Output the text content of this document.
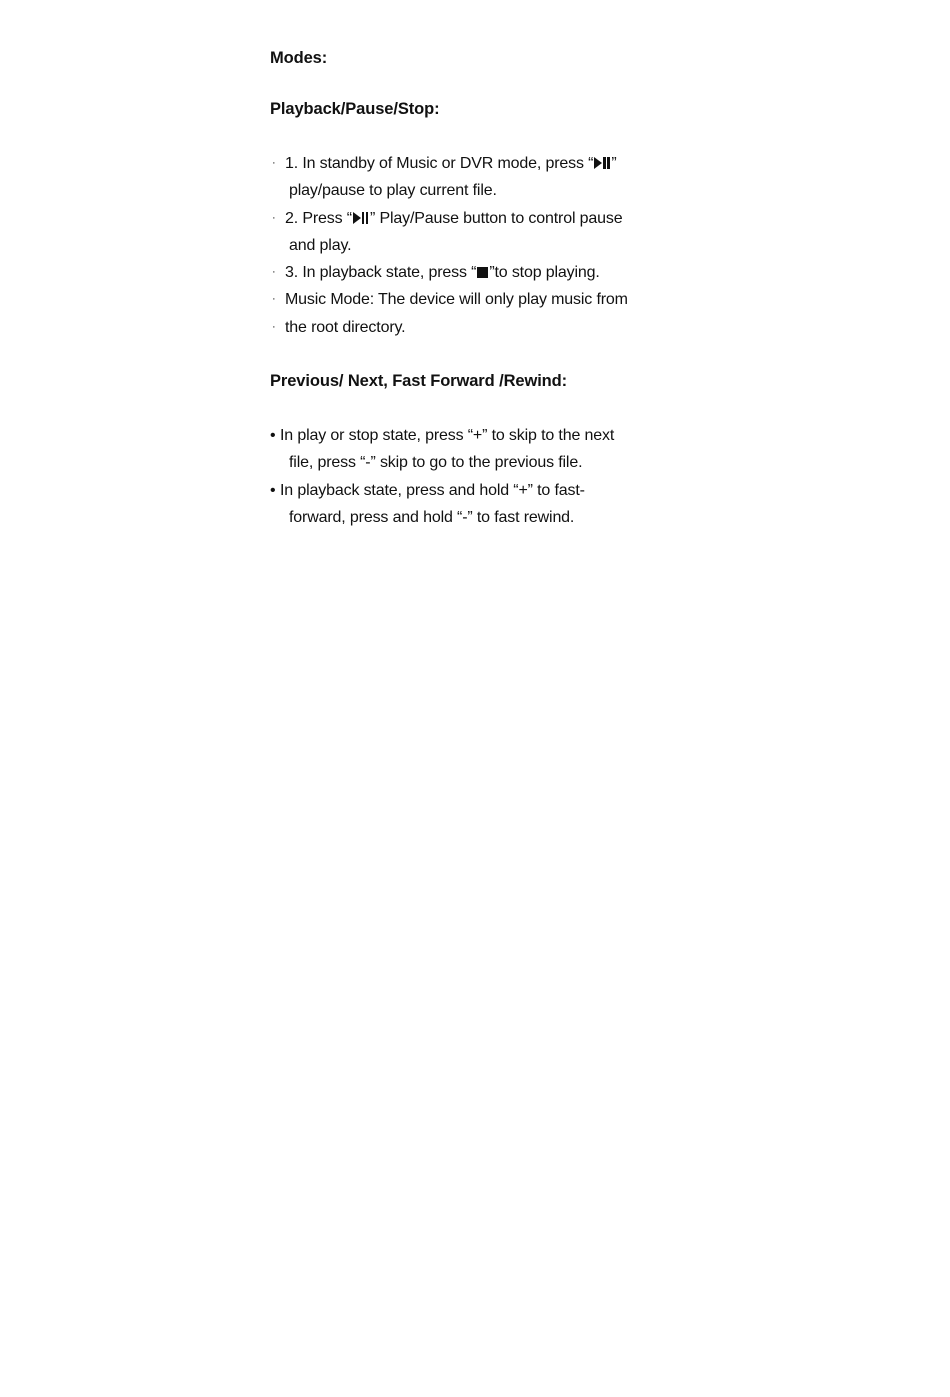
Modes:

Playback/Pause/Stop:

· 1. In standby of Music or DVR mode, press “ ”
play/pause to play current file.
· 2. Press “ ” Play/Pause button to control pause
and play.
· 3. In playback state, press “ ”to stop playing.
· Music Mode: The device will only play music from
· the root directory.

Previous/ Next, Fast Forward /Rewind:

• In play or stop state, press “+” to skip to the next
file, press “-” skip to go to the previous file.
• In playback state, press and hold “+” to fast-
forward, press and hold “-” to fast rewind.
